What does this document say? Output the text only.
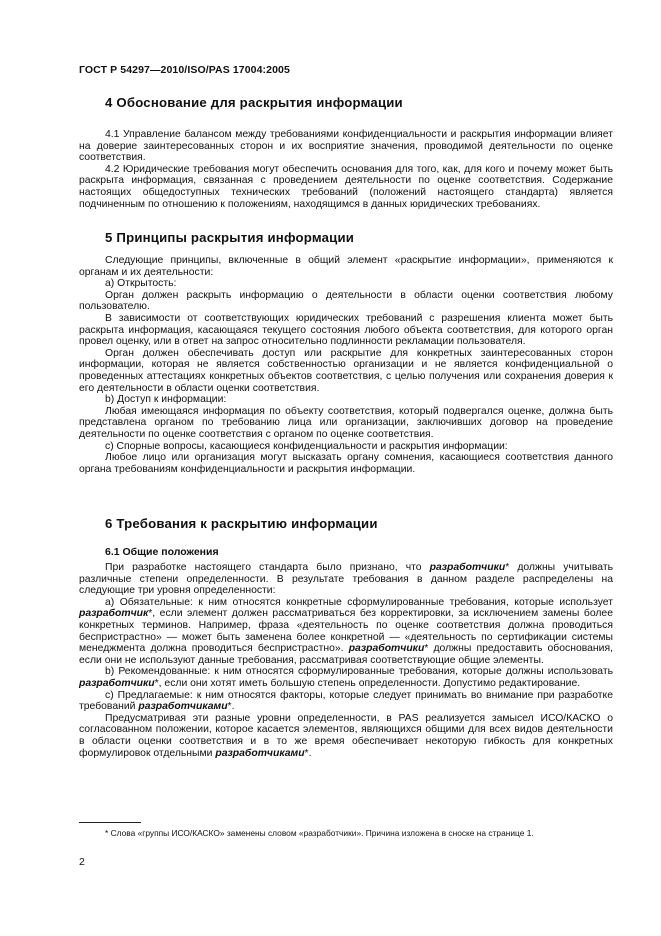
ГОСТ Р 54297—2010/ISO/PAS 17004:2005
4 Обоснование для раскрытия информации

4.1 Управление балансом между требованиями конфиденциальности и раскрытия информации влияет на доверие заинтересованных сторон и их восприятие значения, проводимой деятельности по оценке соответствия.

4.2 Юридические требования могут обеспечить основания для того, как, для кого и почему может быть раскрыта информация, связанная с проведением деятельности по оценке соответствия. Содержание настоящих общедоступных технических требований (положений настоящего стандарта) является подчиненным по отношению к положениям, находящимся в данных юридических требованиях.

5 Принципы раскрытия информации

Следующие принципы, включенные в общий элемент «раскрытие информации», применяются к органам и их деятельности:

а) Открытость:

Орган должен раскрыть информацию о деятельности в области оценки соответствия любому пользователю.

В зависимости от соответствующих юридических требований с разрешения клиента может быть раскрыта информация, касающаяся текущего состояния любого объекта соответствия, для которого орган провел оценку, или в ответ на запрос относительно подлинности рекламации пользователя.

Орган должен обеспечивать доступ или раскрытие для конкретных заинтересованных сторон информации, которая не является собственностью организации и не является конфиденциальной о проведенных аттестациях конкретных объектов соответствия, с целью получения или сохранения доверия к его деятельности в области оценки соответствия.

b) Доступ к информации:

Любая имеющаяся информация по объекту соответствия, который подвергался оценке, должна быть представлена органом по требованию лица или организации, заключивших договор на проведение деятельности по оценке соответствия с органом по оценке соответствия.

с) Спорные вопросы, касающиеся конфиденциальности и раскрытия информации:

Любое лицо или организация могут высказать органу сомнения, касающиеся соответствия данного органа требованиям конфиденциальности и раскрытия информации.

6 Требования к раскрытию информации
6.1 Общие положения

При разработке настоящего стандарта было признано, что разработчики* должны учитывать различные степени определенности. В результате требования в данном разделе распределены на следующие три уровня определенности:

а) Обязательные: к ним относятся конкретные сформулированные требования, которые использует разработчик*, если элемент должен рассматриваться без корректировки, за исключением замены более конкретных терминов. Например, фраза «деятельность по оценке соответствия должна проводиться беспристрастно» — может быть заменена более конкретной — «деятельность по сертификации системы менеджмента должна проводиться беспристрастно». разработчики* должны предоставить обоснования, если они не используют данные требования, рассматривая соответствующие общие элементы.

b) Рекомендованные: к ним относятся сформулированные требования, которые должны использовать разработчики*, если они хотят иметь большую степень определенности. Допустимо редактирование.

с) Предлагаемые: к ним относятся факторы, которые следует принимать во внимание при разработке требований разработчиками*.

Предусматривая эти разные уровни определенности, в PAS реализуется замысел ИСО/КАСКО о согласованном положении, которое касается элементов, являющихся общими для всех видов деятельности в области оценки соответствия и в то же время обеспечивает некоторую гибкость для конкретных формулировок отдельными разработчиками*.

* Слова «группы ИСО/КАСКО» заменены словом «разработчики». Причина изложена в сноске на странице 1.
2
